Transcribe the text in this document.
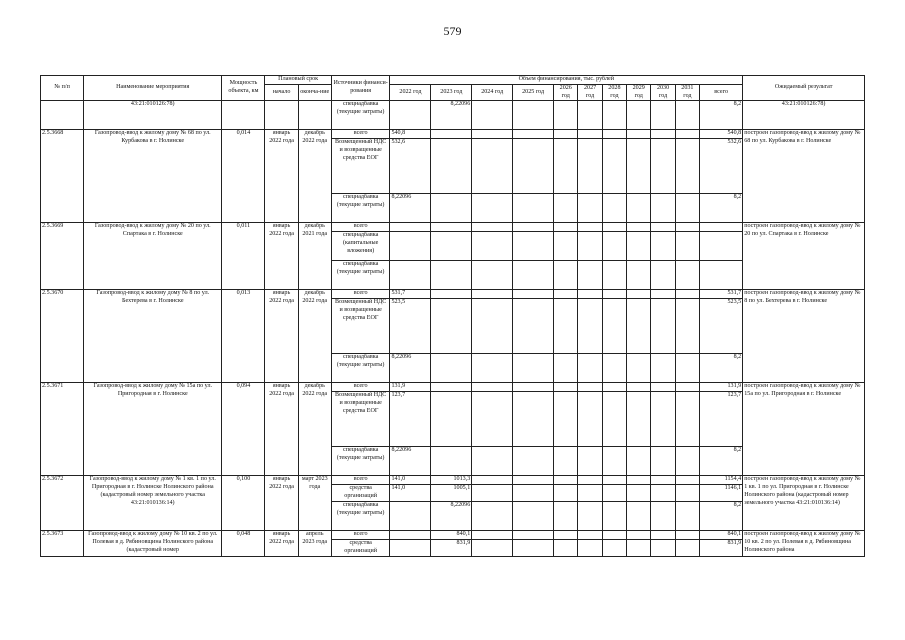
579
№ п/п	Наименование мероприятия	Мощность объекта, км	Плановый срок		Источники финанси-рования	Объем финансирования, тыс. рублей											Ожидаемый результат
			начало	оконча-ние		2022 год	2023 год	2024 год	2025 год	2026 год	2027 год	2028 год	2029 год	2030 год	2031 год	всего	
	43:21:010126:78)				спецнадбавка (текущие затраты)		8,22096									8,2	43:21:010126:78)
2.5.3668	Газопровод-ввод к жилому дому № 68 по ул. Курбакова в г. Нолинске	0,014	январь 2022 года	декабрь 2022 года	всего	540,8										540,8	построен газопровод-ввод к жилому дому № 68 по ул. Курбакова в г. Нолинске
					Возмещенный НДС и возвращенные средства ЕОГ	532,6										532,6	
					спецнадбавка (текущие затраты)	8,22096										8,2	
2.5.3669	Газопровод-ввод к жилому дому № 20 по ул. Спартака в г. Нолинске	0,011	январь 2022 года	декабрь 2021 года	всего												построен газопровод-ввод к жилому дому № 20 по ул. Спартака в г. Нолинске
					спецнадбавка (капитальные вложения)												
					спецнадбавка (текущие затраты)												
2.5.3670	Газопровод-ввод к жилому дому № 8 по ул. Бехтерева в г. Нолинске	0,013	январь 2022 года	декабрь 2022 года	всего	531,7										531,7	построен газопровод-ввод к жилому дому № 8 по ул. Бехтерева в г. Нолинске
					Возмещенный НДС и возвращенные средства ЕОГ	523,5										523,5	
					спецнадбавка (текущие затраты)	8,22096										8,2	
2.5.3671	Газопровод-ввод к жилому дому № 15а по ул. Пригородная в г. Нолинске	0,094	январь 2022 года	декабрь 2022 года	всего	131,9										131,9	построен газопровод-ввод к жилому дому № 15а по ул. Пригородная в г. Нолинске
					Возмещенный НДС и возвращенные средства ЕОГ	123,7										123,7	
					спецнадбавка (текущие затраты)	8,22096										8,2	
2.5.3672	Газопровод-ввод к жилому дому № 1 кв. 1 по ул. Пригородная в г. Нолинске Нолинского района (кадастровый номер земельного участка 43:21:010136:14)	0,100	январь 2022 года	март 2023 года	всего	141,0	1013,3									1154,4	построен газопровод-ввод к жилому дому № 1 кв. 1 по ул. Пригородная в г. Нолинске Нолинского района (кадастровый номер земельного участка 43:21:010136:14)
					средства организаций	141,0	1005,1									1146,1	
					спецнадбавка (текущие затраты)		8,22096									8,2	
2.5.3673	Газопровод-ввод к жилому дому № 10 кв. 2 по ул. Полевая в д. Рябиновщина Нолинского района (кадастровый номер	0,048	январь 2022 года	апрель 2023 года	всего		840,1									840,1	построен газопровод-ввод к жилому дому № 10 кв. 2 по ул. Полевая в д. Рябиновщина Нолинского района
					средства организаций		831,9									831,9	
